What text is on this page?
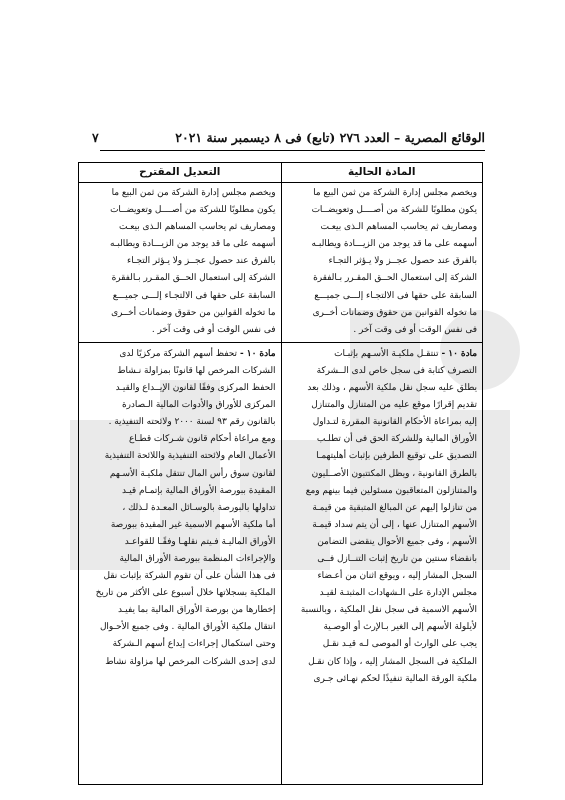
الوقائع المصرية – العدد ٢٧٦ (تابع) فى ٨ ديسمبر سنة ٢٠٢١
٧
المادة الحالية
ويخصم مجلس إدارة الشركة من ثمن البيع ما
يكون مطلوبًا للشركة من أصــــل وتعويضــات
ومصاريف ثم يحاسب المساهم الـذى بيعـت
أسهمه على ما قد يوجد من الزيـــادة ويطالبـه
بالفرق عند حصول عجــز ولا يـؤثر التجـاء
الشركة إلى استعمال الحــق المقـرر بـالفقرة
السابقة على حقها فى الالتجـاء إلـــى جميـــع
ما تخوله القوانين من حقوق وضمانات أخــرى
فى نفس الوقت أو فى وقت آخر .
مادة ١٠ - تنتقـل ملكيـة الأسـهم بإثبـات
التصرف كتابة فى سجل خاص لدى الــشركة
يطلق عليه سجل نقل ملكية الأسهم ، وذلك بعد
تقديم إقرارًا موقع عليه من المتنازل والمتنازل
إليه بمراعاة الأحكام القانونية المقررة لتـداول
الأوراق المالية وللشركة الحق فى أن تطلـب
التصديق على توقيع الطرفين بإثبات أهليتهمـا
بالطرق القانونية ، ويظل المكتتبون الأصــليون
والمتنازلون المتعاقبون مسئولين فيما بينهم ومع
من تنازلوا إليهم عن المبالغ المتبقية من قيمـة
الأسهم المتنازل عنها ، إلى أن يتم سداد قيمـة
الأسهم ، وفى جميع الأحوال ينقضى التضامن
بانقضاء سنتين من تاريخ إثبات التنــازل فــى
السجل المشار إليه ، ويوقع اثنان من أعـضاء
مجلس الإدارة على الـشهادات المثبتـة لقيـد
الأسهم الاسمية فى سجل نقل الملكية ، وبالنسبة
لأيلولة الأسهم إلى الغير بـالإرث أو الوصـية
يجب على الوارث أو الموصى لـه قيـد نقـل
الملكية فى السجل المشار إليه ، وإذا كان نقـل
ملكية الورقة المالية تنفيذًا لحكم نهـائى جـرى
التعديل المقترح
ويخصم مجلس إدارة الشركة من ثمن البيع ما
يكون مطلوبًا للشركة من أصــــل وتعويضــات
ومصاريف ثم يحاسب المساهم الـذى بيعـت
أسهمه على ما قد يوجد من الزيـــادة ويطالبـه
بالفرق عند حصول عجــز ولا يـؤثر التجـاء
الشركة إلى استعمال الحــق المقـرر بـالفقرة
السابقة على حقها فى الالتجـاء إلـــى جميـــع
ما تخوله القوانين من حقوق وضمانات أخــرى
فى نفس الوقت أو فى وقت آخر .
مادة ١٠ - تحفظ أسهم الشركة مركزيًا لدى
الشركات المرخص لها قانونًا بمزاولة نـشاط
الحفظ المركزى وفقًا لقانون الإيــداع والقيـد
المركزى للأوراق والأدوات المالية الـصادرة
بالقانون رقم ٩٣ لسنة ٢٠٠٠ ولائحته التنفيذية .
ومع مراعاة أحكام قانون شـركات قطـاع
الأعمال العام ولائحته التنفيذية واللائحة التنفيذية
لقانون سوق رأس المال تنتقل ملكيـة الأسـهم
المقيدة ببورصة الأوراق المالية بإتمـام قيـد
تداولها بالبورصة بالوسـائل المعـدة لـذلك ،
أما ملكية الأسهم الاسمية غير المقيدة ببورصة
الأوراق الماليـة فـيتم نقلهـا وفقًـا للقواعـد
والإجراءات المنظمة ببورصة الأوراق المالية
فى هذا الشأن على أن تقوم الشركة بإثبات نقل
الملكية بسجلاتها خلال أسبوع على الأكثر من تاريخ
إخطارها من بورصة الأوراق المالية بما يفيـد
انتقال ملكية الأوراق المالية . وفى جميع الأحـوال
وحتى استكمال إجراءات إيداع أسهم الـشركة
لدى إحدى الشركات المرخص لها مزاولة نشاط
